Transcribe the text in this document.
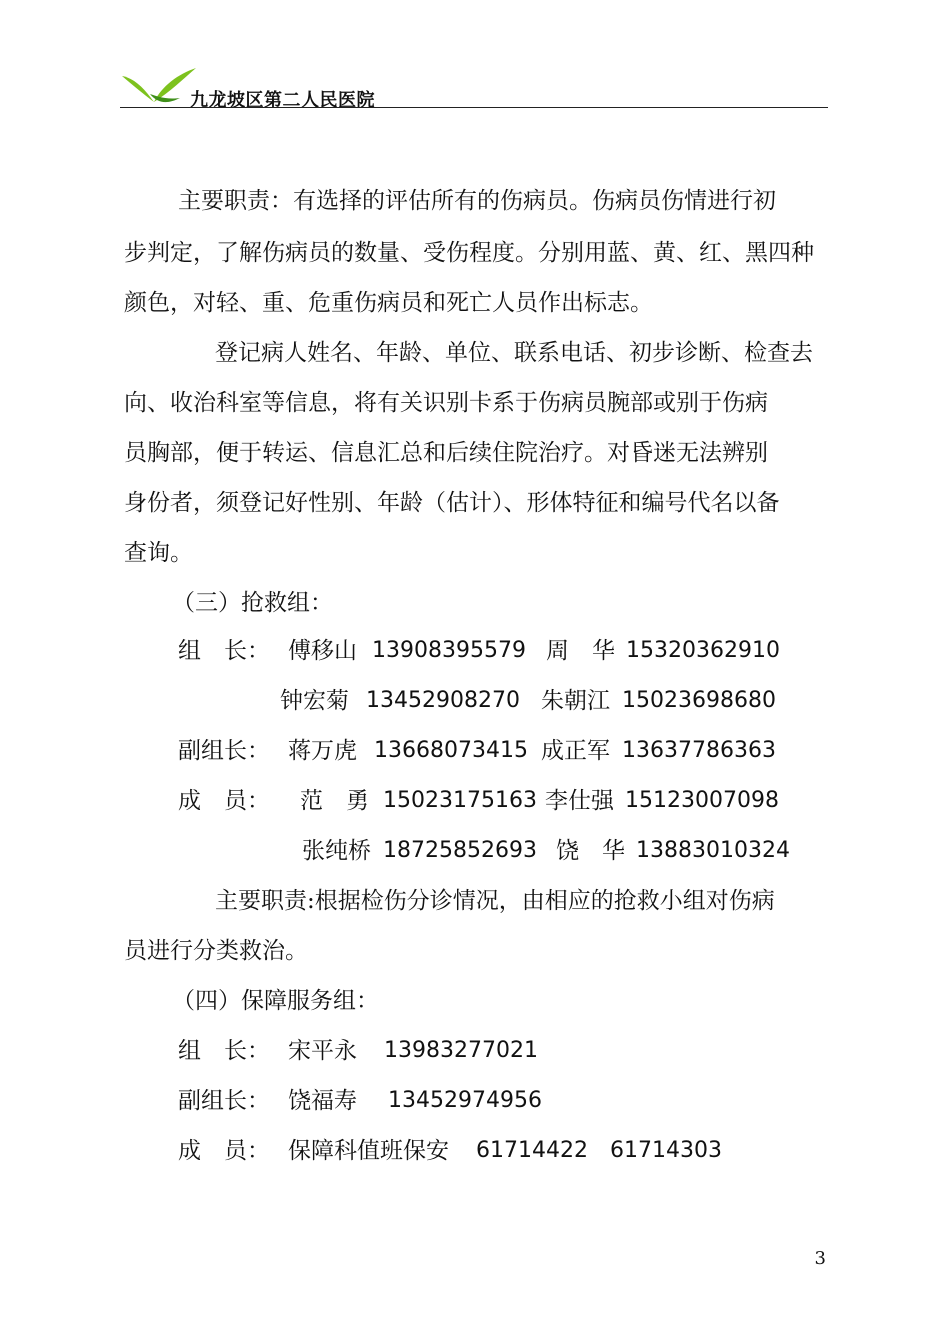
九龙坡区第二人民医院
主要职责：有选择的评估所有的伤病员。伤病员伤情进行初
步判定，了解伤病员的数量、受伤程度。分别用蓝、黄、红、黑四种
颜色，对轻、重、危重伤病员和死亡人员作出标志。
登记病人姓名、年龄、单位、联系电话、初步诊断、检查去
向、收治科室等信息，将有关识别卡系于伤病员腕部或别于伤病
员胸部，便于转运、信息汇总和后续住院治疗。对昏迷无法辨别
身份者，须登记好性别、年龄（估计）、形体特征和编号代名以备
查询。
（三）抢救组：
组　长： 傅移山 13908395579 周　华 15320362910
钟宏菊 13452908270 朱朝江 15023698680
副组长： 蒋万虎 13668073415 成正军 13637786363
成　员： 范　勇 15023175163 李仕强 15123007098
张纯桥 18725852693 饶　华 13883010324
主要职责:根据检伤分诊情况，由相应的抢救小组对伤病
员进行分类救治。
（四）保障服务组：
组　长： 宋平永 13983277021
副组长： 饶福寿 13452974956
成　员： 保障科值班保安 61714422 61714303
3
